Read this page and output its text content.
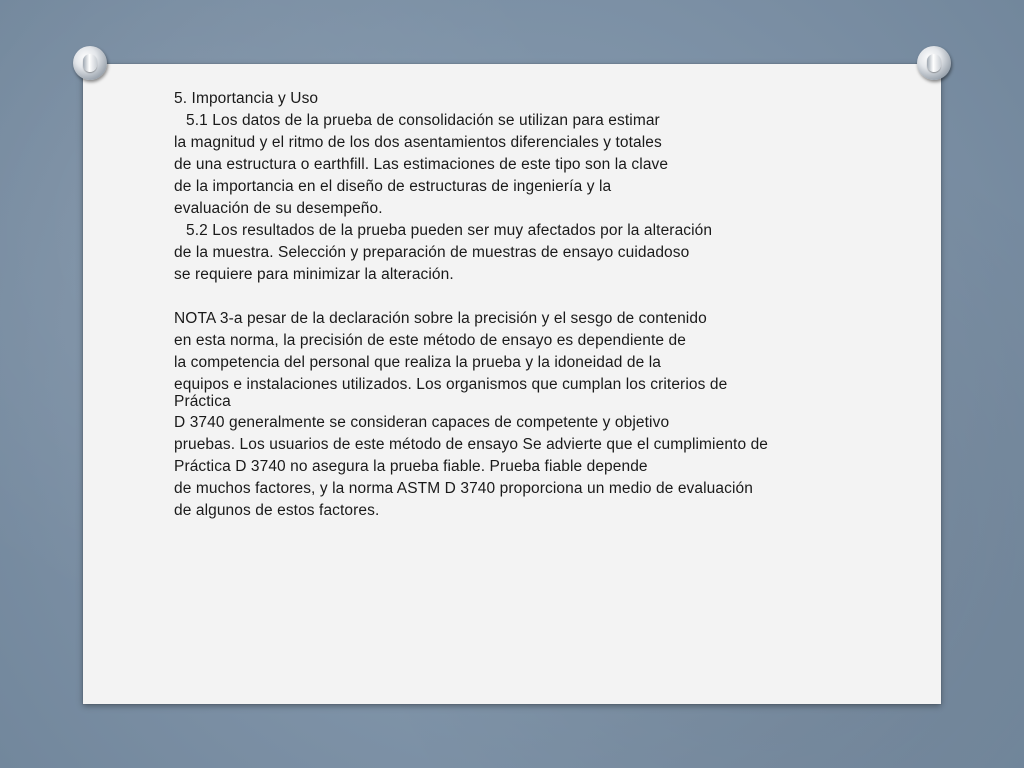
5. Importancia y Uso
5.1 Los datos de la prueba de consolidación se utilizan para estimar
la magnitud y el ritmo de los dos asentamientos diferenciales y totales
de una estructura o earthfill. Las estimaciones de este tipo son la clave
de la importancia en el diseño de estructuras de ingeniería y la
evaluación de su desempeño.
5.2 Los resultados de la prueba pueden ser muy afectados por la alteración
de la muestra. Selección y preparación de muestras de ensayo cuidadoso
se requiere para minimizar la alteración.
NOTA 3-a pesar de la declaración sobre la precisión y el sesgo de contenido
en esta norma, la precisión de este método de ensayo es dependiente de
la competencia del personal que realiza la prueba y la idoneidad de la
equipos e instalaciones utilizados. Los organismos que cumplan los criterios de
Práctica
D 3740 generalmente se consideran capaces de competente y objetivo
pruebas. Los usuarios de este método de ensayo Se advierte que el cumplimiento de
Práctica D 3740 no asegura la prueba fiable. Prueba fiable depende
de muchos factores, y la norma ASTM D 3740 proporciona un medio de evaluación
de algunos de estos factores.
